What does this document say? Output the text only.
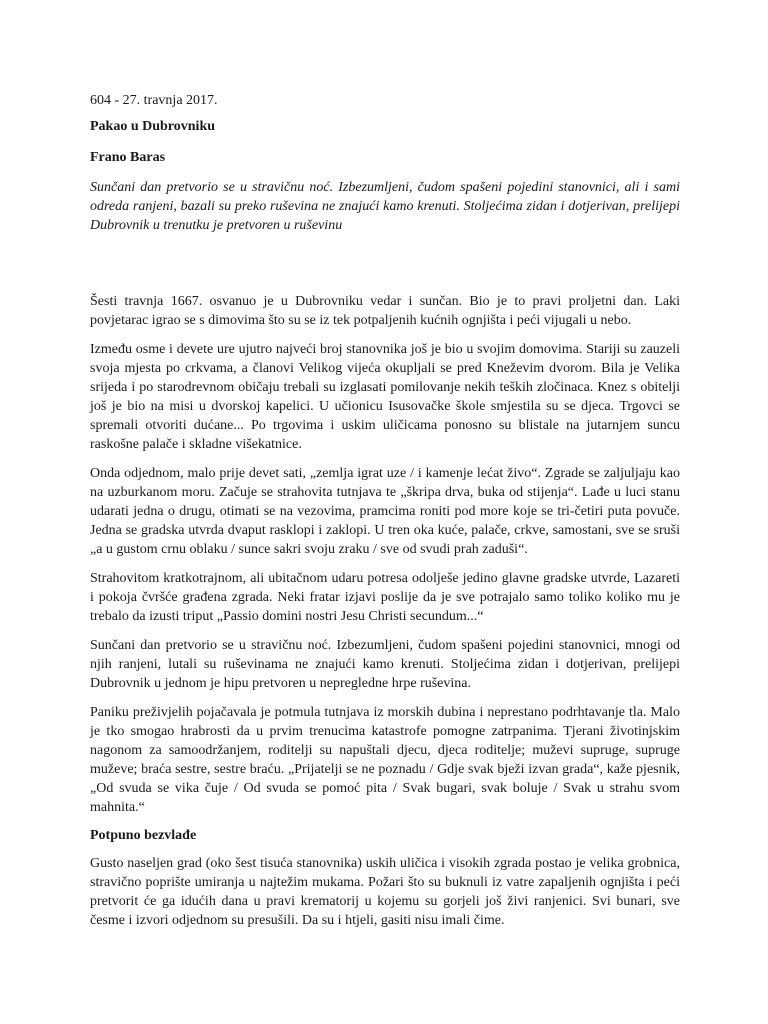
604 - 27. travnja 2017.

Pakao u Dubrovniku

Frano Baras

Sunčani dan pretvorio se u stravičnu noć. Izbezumljeni, čudom spašeni pojedini stanovnici, ali i sami odreda ranjeni, bazali su preko ruševina ne znajući kamo krenuti. Stoljećima zidan i dotjerivan, prelijepi Dubrovnik u trenutku je pretvoren u ruševinu

Šesti travnja 1667. osvanuo je u Dubrovniku vedar i sunčan. Bio je to pravi proljetni dan. Laki povjetarac igrao se s dimovima što su se iz tek potpaljenih kućnih ognjišta i peći vijugali u nebo.

Između osme i devete ure ujutro najveći broj stanovnika još je bio u svojim domovima. Stariji su zauzeli svoja mjesta po crkvama, a članovi Velikog vijeća okupljali se pred Kneževim dvorom. Bila je Velika srijeda i po starodrevnom običaju trebali su izglasati pomilovanje nekih teških zločinaca. Knez s obitelji još je bio na misi u dvorskoj kapelici. U učionicu Isusovačke škole smjestila su se djeca. Trgovci se spremali otvoriti dućane... Po trgovima i uskim uličicama ponosno su blistale na jutarnjem suncu raskošne palače i skladne višekatnice.

Onda odjednom, malo prije devet sati, „zemlja igrat uze / i kamenje lećat živo“. Zgrade se zaljuljaju kao na uzburkanom moru. Začuje se strahovita tutnjava te „škripa drva, buka od stijenja“. Lađe u luci stanu udarati jedna o drugu, otimati se na vezovima, pramcima roniti pod more koje se tri-četiri puta povuče. Jedna se gradska utvrda dvaput rasklopi i zaklopi. U tren oka kuće, palače, crkve, samostani, sve se sruši „a u gustom crnu oblaku / sunce sakri svoju zraku / sve od svudi prah zaduši“.

Strahovitom kratkotrajnom, ali ubitačnom udaru potresa odolješe jedino glavne gradske utvrde, Lazareti i pokoja čvršće građena zgrada. Neki fratar izjavi poslije da je sve potrajalo samo toliko koliko mu je trebalo da izusti triput „Passio domini nostri Jesu Christi secundum...“

Sunčani dan pretvorio se u stravičnu noć. Izbezumljeni, čudom spašeni pojedini stanovnici, mnogi od njih ranjeni, lutali su ruševinama ne znajući kamo krenuti. Stoljećima zidan i dotjerivan, prelijepi Dubrovnik u jednom je hipu pretvoren u nepregledne hrpe ruševina.

Paniku preživjelih pojačavala je potmula tutnjava iz morskih dubina i neprestano podrhtavanje tla. Malo je tko smogao hrabrosti da u prvim trenucima katastrofe pomogne zatrpanima. Tjerani životinjskim nagonom za samoodržanjem, roditelji su napuštali djecu, djeca roditelje; muževi supruge, supruge muževe; braća sestre, sestre braću. „Prijatelji se ne poznadu / Gdje svak bježi izvan grada“, kaže pjesnik, „Od svuda se vika čuje / Od svuda se pomoć pita / Svak bugari, svak boluje / Svak u strahu svom mahnita.“

Potpuno bezvlađe

Gusto naseljen grad (oko šest tisuća stanovnika) uskih uličica i visokih zgrada postao je velika grobnica, stravično poprište umiranja u najtežim mukama. Požari što su buknuli iz vatre zapaljenih ognjišta i peći pretvorit će ga idućih dana u pravi krematorij u kojemu su gorjeli još živi ranjenici. Svi bunari, sve česme i izvori odjednom su presušili. Da su i htjeli, gasiti nisu imali čime.
